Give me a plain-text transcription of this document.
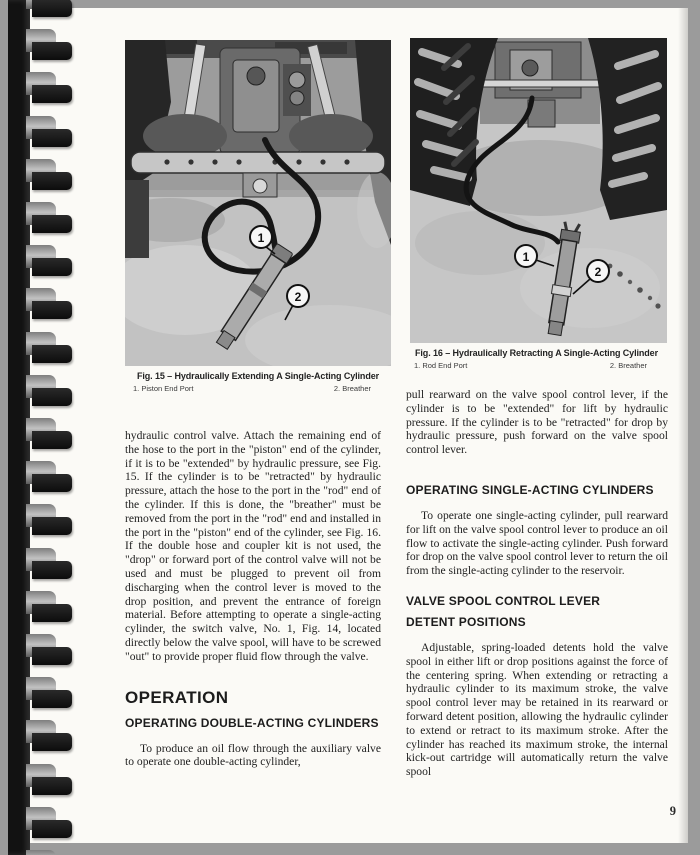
1
2
1
2
Fig. 15 – Hydraulically Extending A Single-Acting Cylinder
1. Piston End Port	2. Breather
Fig. 16 – Hydraulically Retracting A Single-Acting Cylinder
1. Rod End Port	2. Breather

hydraulic control valve. Attach the remaining end of the hose to the port in the "piston" end of the cylinder, if it is to be "extended" by hydraulic pressure, see Fig. 15. If the cylinder is to be "retracted" by hydraulic pressure, attach the hose to the port in the "rod" end of the cylinder. If this is done, the "breather" must be removed from the port in the "rod" end and installed in the port in the "piston" end of the cylinder, see Fig. 16. If the double hose and coupler kit is not used, the "drop" or forward port of the control valve will not be used and must be plugged to prevent oil from discharging when the control lever is moved to the drop position, and prevent the entrance of foreign material. Before attempting to operate a single-acting cylinder, the switch valve, No. 1, Fig. 14, located directly below the valve spool, will have to be screwed "out" to provide proper fluid flow through the valve.

OPERATION
OPERATING DOUBLE-ACTING CYLINDERS

To produce an oil flow through the auxiliary valve to operate one double-acting cylinder,

pull rearward on the valve spool control lever, if the cylinder is to be "extended" for lift by hydraulic pressure. If the cylinder is to be "retracted" for drop by hydraulic pressure, push forward on the valve spool control lever.

OPERATING SINGLE-ACTING CYLINDERS

To operate one single-acting cylinder, pull rearward for lift on the valve spool control lever to produce an oil flow to activate the single-acting cylinder. Push forward for drop on the valve spool control lever to return the oil from the single-acting cylinder to the reservoir.

VALVE SPOOL CONTROL LEVER
DETENT POSITIONS

Adjustable, spring-loaded detents hold the valve spool in either lift or drop positions against the force of the centering spring. When extending or retracting a hydraulic cylinder to its maximum stroke, the valve spool control lever may be retained in its rearward or forward detent position, allowing the hydraulic cylinder to extend or retract to its maximum stroke. After the cylinder has reached its maximum stroke, the internal kick-out cartridge will automatically return the valve spool

9
